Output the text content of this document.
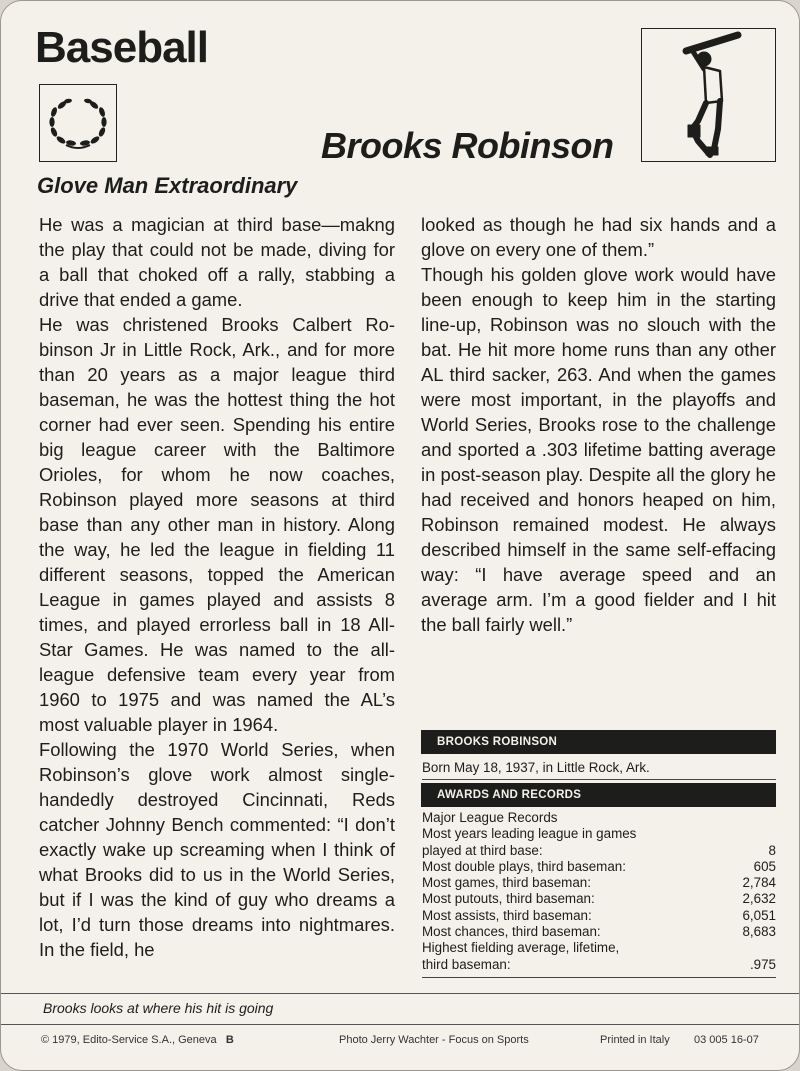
Baseball
Brooks Robinson
Glove Man Extraordinary

He was a magician at third base—makng the play that could not be made, diving for a ball that choked off a rally, stabbing a drive that ended a game.

He was christened Brooks Calbert Robinson Jr in Little Rock, Ark., and for more than 20 years as a major league third baseman, he was the hottest thing the hot corner had ever seen. Spending his entire big league career with the Baltimore Orioles, for whom he now coaches, Robinson played more seasons at third base than any other man in history. Along the way, he led the league in fielding 11 different seasons, topped the American League in games played and assists 8 times, and played errorless ball in 18 All-Star Games. He was named to the allleague defensive team every year from 1960 to 1975 and was named the AL’s most valuable player in 1964.

Following the 1970 World Series, when Robinson’s glove work almost singlehandedly destroyed Cincinnati, Reds catcher Johnny Bench commented: “I don’t exactly wake up screaming when I think of what Brooks did to us in the World Series, but if I was the kind of guy who dreams a lot, I’d turn those dreams into nightmares. In the field, he

looked as though he had six hands and a glove on every one of them.”

Though his golden glove work would have been enough to keep him in the starting line-up, Robinson was no slouch with the bat. He hit more home runs than any other AL third sacker, 263. And when the games were most important, in the playoffs and World Series, Brooks rose to the challenge and sported a .303 lifetime batting average in post-season play. Despite all the glory he had received and honors heaped on him, Robinson remained modest. He always described himself in the same self-effacing way: “I have average speed and an average arm. I’m a good fielder and I hit the ball fairly well.”

BROOKS ROBINSON
Born May 18, 1937, in Little Rock, Ark.
AWARDS AND RECORDS
Major League Records
Most years leading league in games
played at third base:	8
Most double plays, third baseman:	605
Most games, third baseman:	2,784
Most putouts, third baseman:	2,632
Most assists, third baseman:	6,051
Most chances, third baseman:	8,683
Highest fielding average, lifetime,
third baseman:	.975
Brooks looks at where his hit is going
© 1979, Edito-Service S.A., Geneva B	Photo Jerry Wachter - Focus on Sports	Printed in Italy 03 005 16-07
